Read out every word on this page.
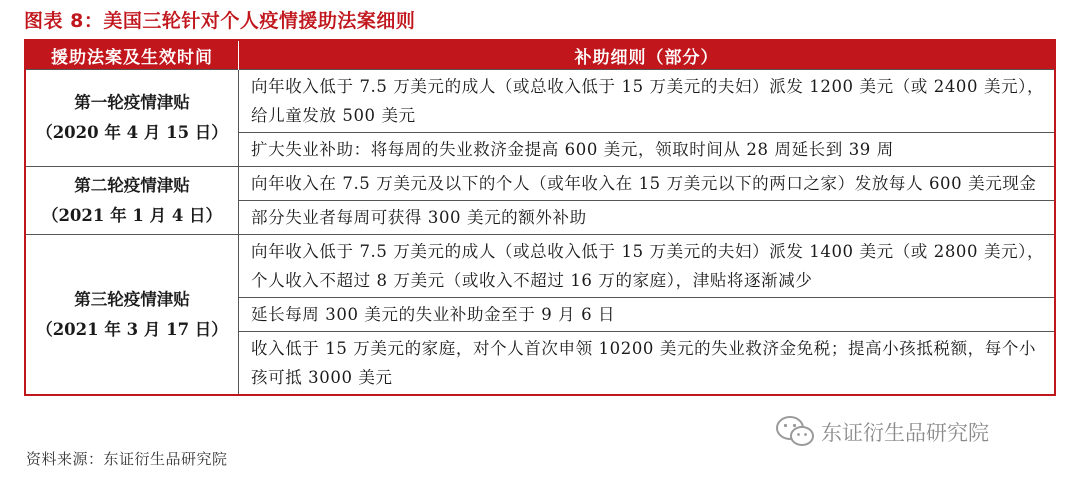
图表 8：美国三轮针对个人疫情援助法案细则
援助法案及生效时间	补助细则（部分）

第一轮疫情津贴
（2020 年 4 月 15 日）	向年收入低于 7.5 万美元的成人（或总收入低于 15 万美元的夫妇）派发 1200 美元（或 2400 美元），给儿童发放 500 美元
	扩大失业补助：将每周的失业救济金提高 600 美元，领取时间从 28 周延长到 39 周

第二轮疫情津贴
（2021 年 1 月 4 日）	向年收入在 7.5 万美元及以下的个人（或年收入在 15 万美元以下的两口之家）发放每人 600 美元现金
	部分失业者每周可获得 300 美元的额外补助

第三轮疫情津贴
（2021 年 3 月 17 日）	向年收入低于 7.5 万美元的成人（或总收入低于 15 万美元的夫妇）派发 1400 美元（或 2800 美元），个人收入不超过 8 万美元（或收入不超过 16 万的家庭），津贴将逐渐减少
	延长每周 300 美元的失业补助金至于 9 月 6 日
	收入低于 15 万美元的家庭，对个人首次申领 10200 美元的失业救济金免税；提高小孩抵税额，每个小孩可抵 3000 美元
资料来源：东证衍生品研究院
东证衍生品研究院
